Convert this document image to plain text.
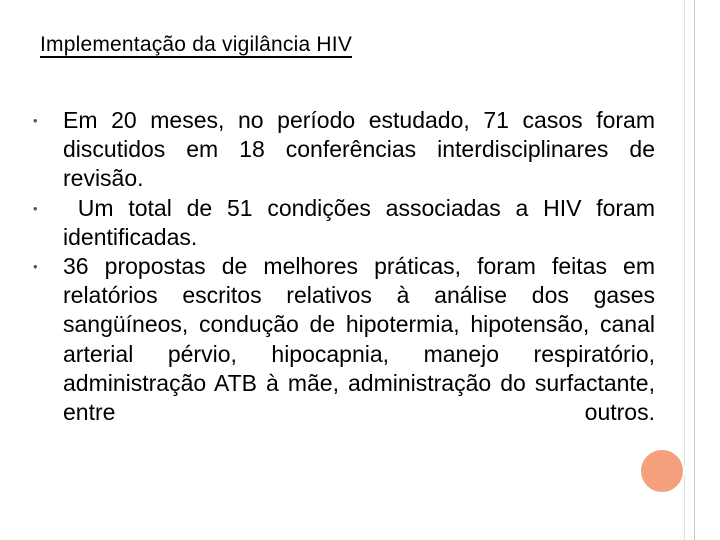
Implementação da vigilância HIV
• Em 20 meses, no período estudado, 71 casos foram discutidos em 18 conferências interdisciplinares de revisão.
• Um total de 51 condições associadas a HIV foram identificadas.
• 36 propostas de melhores práticas, foram feitas em relatórios escritos relativos à análise dos gases sangüíneos, condução de hipotermia, hipotensão, canal arterial pérvio, hipocapnia, manejo respiratório, administração ATB à mãe, administração do surfactante, entre outros.
